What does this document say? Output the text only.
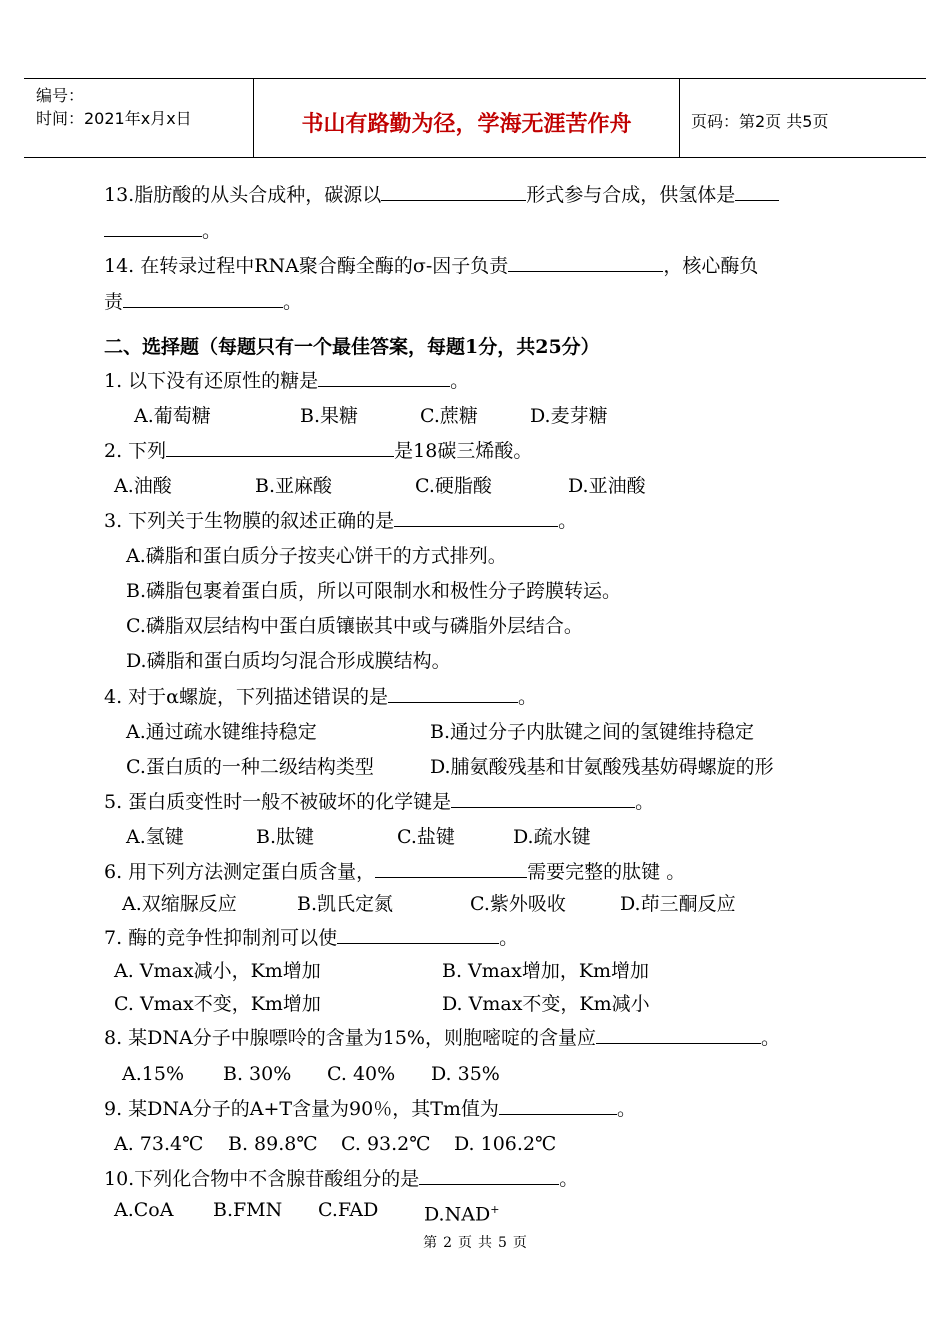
编号：
时间：2021年x月x日	书山有路勤为径，学海无涯苦作舟	页码：第2页 共5页
13.脂肪酸的从头合成种，碳源以	形式参与合成，供氢体是
。
14. 在转录过程中RNA聚合酶全酶的σ-因子负责	，核心酶负
责	。
二、选择题（每题只有一个最佳答案，每题1分，共25分）
1. 以下没有还原性的糖是	。
A.葡萄糖	B.果糖	C.蔗糖	D.麦芽糖
2. 下列	是18碳三烯酸。
A.油酸	B.亚麻酸	C.硬脂酸	D.亚油酸
3. 下列关于生物膜的叙述正确的是	。
A.磷脂和蛋白质分子按夹心饼干的方式排列。
B.磷脂包裹着蛋白质，所以可限制水和极性分子跨膜转运。
C.磷脂双层结构中蛋白质镶嵌其中或与磷脂外层结合。
D.磷脂和蛋白质均匀混合形成膜结构。
4. 对于α螺旋，下列描述错误的是	。
A.通过疏水键维持稳定	B.通过分子内肽键之间的氢键维持稳定
C.蛋白质的一种二级结构类型	D.脯氨酸残基和甘氨酸残基妨碍螺旋的形
5. 蛋白质变性时一般不被破坏的化学键是	。
A.氢键	B.肽键	C.盐键	D.疏水键
6. 用下列方法测定蛋白质含量，	需要完整的肽键 。
A.双缩脲反应	B.凯氏定氮	C.紫外吸收	D.茚三酮反应
7. 酶的竞争性抑制剂可以使	。
A. Vmax减小，Km增加	B. Vmax增加，Km增加
C. Vmax不变，Km增加	D. Vmax不变，Km减小
8. 某DNA分子中腺嘌呤的含量为15%，则胞嘧啶的含量应	。
A.15% B. 30% C. 40% D. 35%
9. 某DNA分子的A+T含量为90％，其Tm值为	。
A. 73.4℃ B. 89.8℃ C. 93.2℃ D. 106.2℃
10.下列化合物中不含腺苷酸组分的是	。
A.CoA B.FMN C.FAD D.NAD+
第 2 页 共 5 页
